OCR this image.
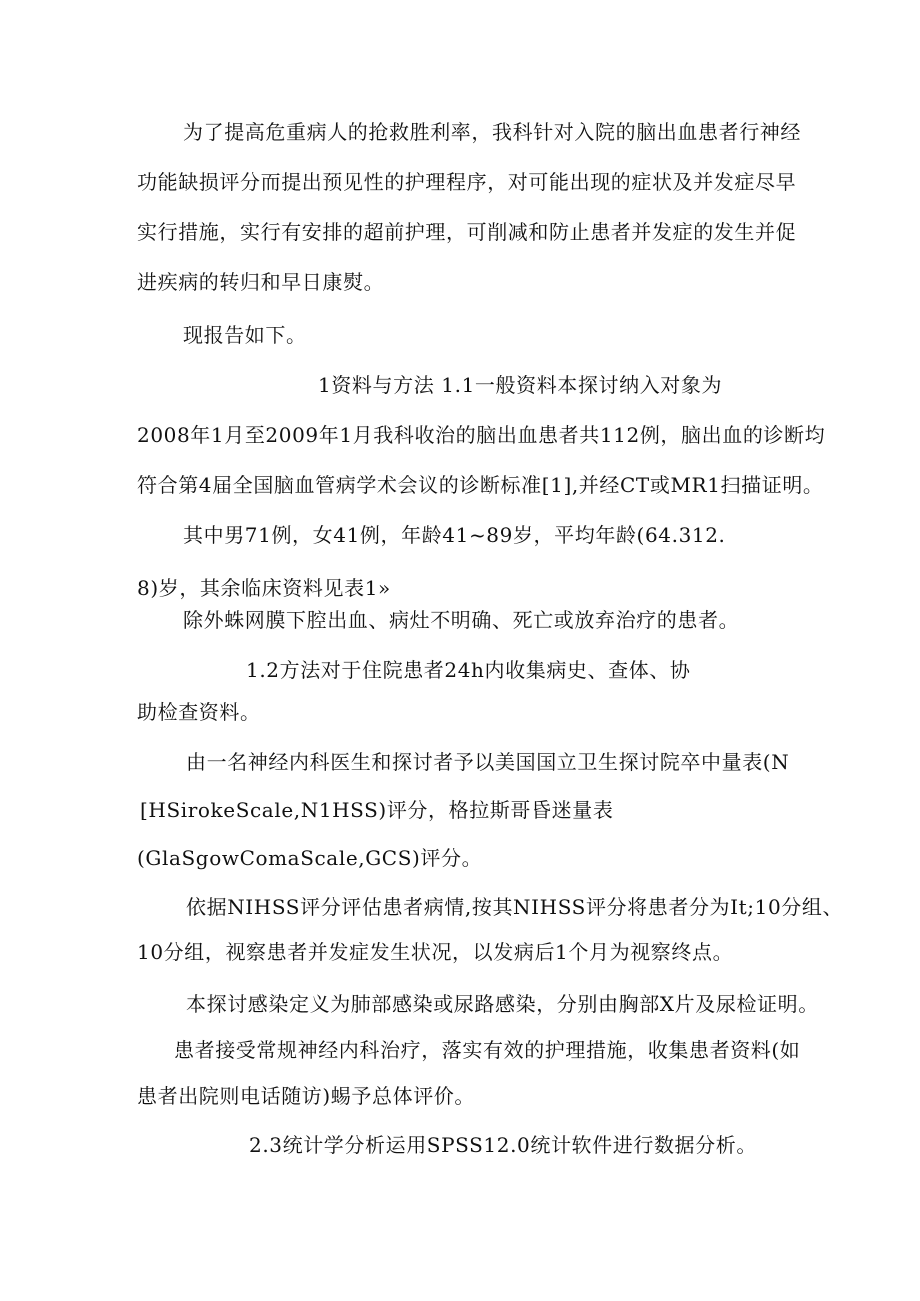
为了提高危重病人的抢救胜利率，我科针对入院的脑出血患者行神经
功能缺损评分而提出预见性的护理程序，对可能出现的症状及并发症尽早
实行措施，实行有安排的超前护理，可削减和防止患者并发症的发生并促
进疾病的转归和早日康熨。
现报告如下。
1资料与方法 1.1一般资料本探讨纳入对象为
2008年1月至2009年1月我科收治的脑出血患者共112例，脑出血的诊断均
符合第4届全国脑血管病学术会议的诊断标准[1],并经CT或MR1扫描证明。
其中男71例，女41例，年龄41~89岁，平均年龄(64.312.
8)岁，其余临床资料见表1»
除外蛛网膜下腔出血、病灶不明确、死亡或放弃治疗的患者。
1.2方法对于住院患者24h内收集病史、查体、协
助检查资料。
由一名神经内科医生和探讨者予以美国国立卫生探讨院卒中量表(N
[HSirokeScale,N1HSS)评分，格拉斯哥昏迷量表
(GlaSgowComaScale,GCS)评分。
依据NIHSS评分评估患者病情,按其NIHSS评分将患者分为It;10分组、
10分组，视察患者并发症发生状况，以发病后1个月为视察终点。
本探讨感染定义为肺部感染或尿路感染，分别由胸部X片及尿检证明。
患者接受常规神经内科治疗，落实有效的护理措施，收集患者资料(如
患者出院则电话随访)蜴予总体评价。
2.3统计学分析运用SPSS12.0统计软件进行数据分析。
